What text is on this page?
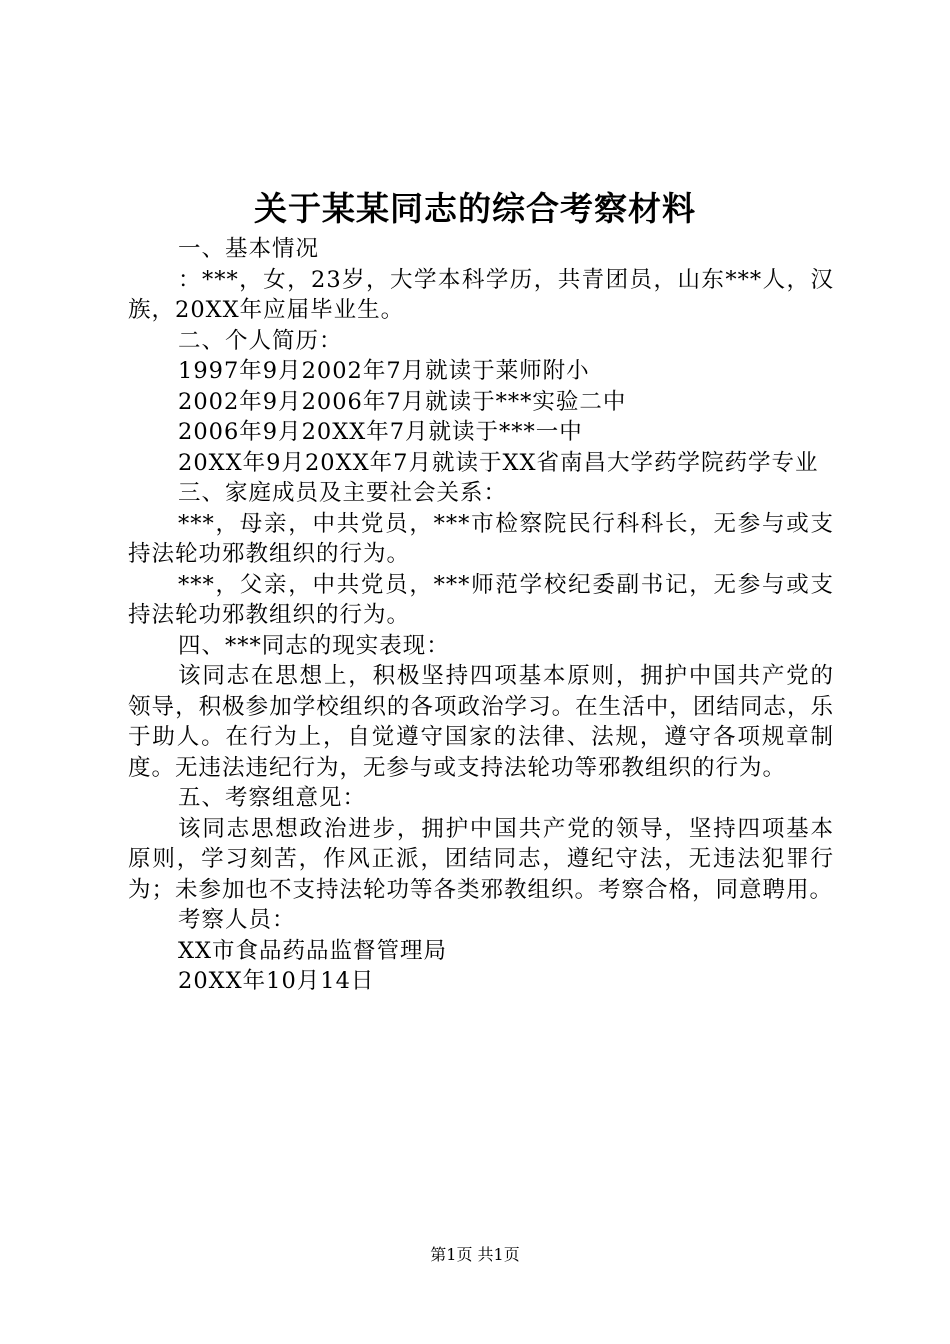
关于某某同志的综合考察材料

一、基本情况

：***，女，23岁，大学本科学历，共青团员，山东***人，汉族，20XX年应届毕业生。

二、个人简历：

1997年9月2002年7月就读于莱师附小

2002年9月2006年7月就读于***实验二中

2006年9月20XX年7月就读于***一中

20XX年9月20XX年7月就读于XX省南昌大学药学院药学专业

三、家庭成员及主要社会关系：

***，母亲，中共党员，***市检察院民行科科长，无参与或支持法轮功邪教组织的行为。

***，父亲，中共党员，***师范学校纪委副书记，无参与或支持法轮功邪教组织的行为。

四、***同志的现实表现：

该同志在思想上，积极坚持四项基本原则，拥护中国共产党的领导，积极参加学校组织的各项政治学习。在生活中，团结同志，乐于助人。在行为上，自觉遵守国家的法律、法规，遵守各项规章制度。无违法违纪行为，无参与或支持法轮功等邪教组织的行为。

五、考察组意见：

该同志思想政治进步，拥护中国共产党的领导，坚持四项基本原则，学习刻苦，作风正派，团结同志，遵纪守法，无违法犯罪行为；未参加也不支持法轮功等各类邪教组织。考察合格，同意聘用。

考察人员：

XX市食品药品监督管理局

20XX年10月14日

第1页 共1页
